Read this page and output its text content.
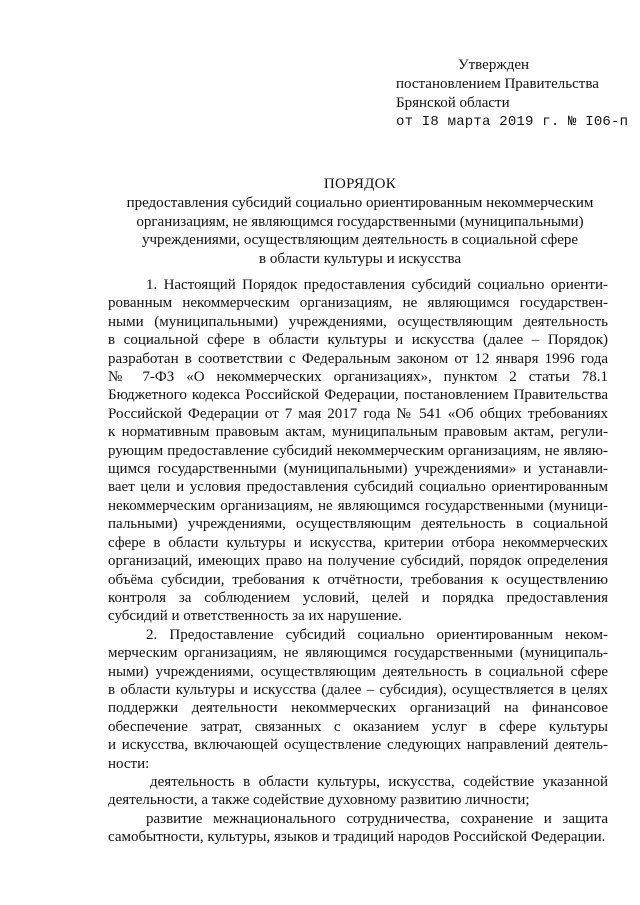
Утвержден
постановлением Правительства
Брянской области
от I8 марта 2019 г. № I06-п
ПОРЯДОК
предоставления субсидий социально ориентированным некоммерческим
организациям, не являющимся государственными (муниципальными)
учреждениями, осуществляющим деятельность в социальной сфере
в области культуры и искусства
1. Настоящий Порядок предоставления субсидий социально ориенти-
рованным некоммерческим организациям, не являющимся государствен-
ными (муниципальными) учреждениями, осуществляющим деятельность
в социальной сфере в области культуры и искусства (далее – Порядок)
разработан в соответствии с Федеральным законом от 12 января 1996 года
№ 7-ФЗ «О некоммерческих организациях», пунктом 2 статьи 78.1
Бюджетного кодекса Российской Федерации, постановлением Правительства
Российской Федерации от 7 мая 2017 года № 541 «Об общих требованиях
к нормативным правовым актам, муниципальным правовым актам, регули-
рующим предоставление субсидий некоммерческим организациям, не являю-
щимся государственными (муниципальными) учреждениями» и устанавли-
вает цели и условия предоставления субсидий социально ориентированным
некоммерческим организациям, не являющимся государственными (муници-
пальными) учреждениями, осуществляющим деятельность в социальной
сфере в области культуры и искусства, критерии отбора некоммерческих
организаций, имеющих право на получение субсидий, порядок определения
объёма субсидии, требования к отчётности, требования к осуществлению
контроля за соблюдением условий, целей и порядка предоставления
субсидий и ответственность за их нарушение.
2. Предоставление субсидий социально ориентированным неком-
мерческим организациям, не являющимся государственными (муниципаль-
ными) учреждениями, осуществляющим деятельность в социальной сфере
в области культуры и искусства (далее – субсидия), осуществляется в целях
поддержки деятельности некоммерческих организаций на финансовое
обеспечение затрат, связанных с оказанием услуг в сфере культуры
и искусства, включающей осуществление следующих направлений деятель-
ности:
деятельность в области культуры, искусства, содействие указанной
деятельности, а также содействие духовному развитию личности;
развитие межнационального сотрудничества, сохранение и защита
самобытности, культуры, языков и традиций народов Российской Федерации.
